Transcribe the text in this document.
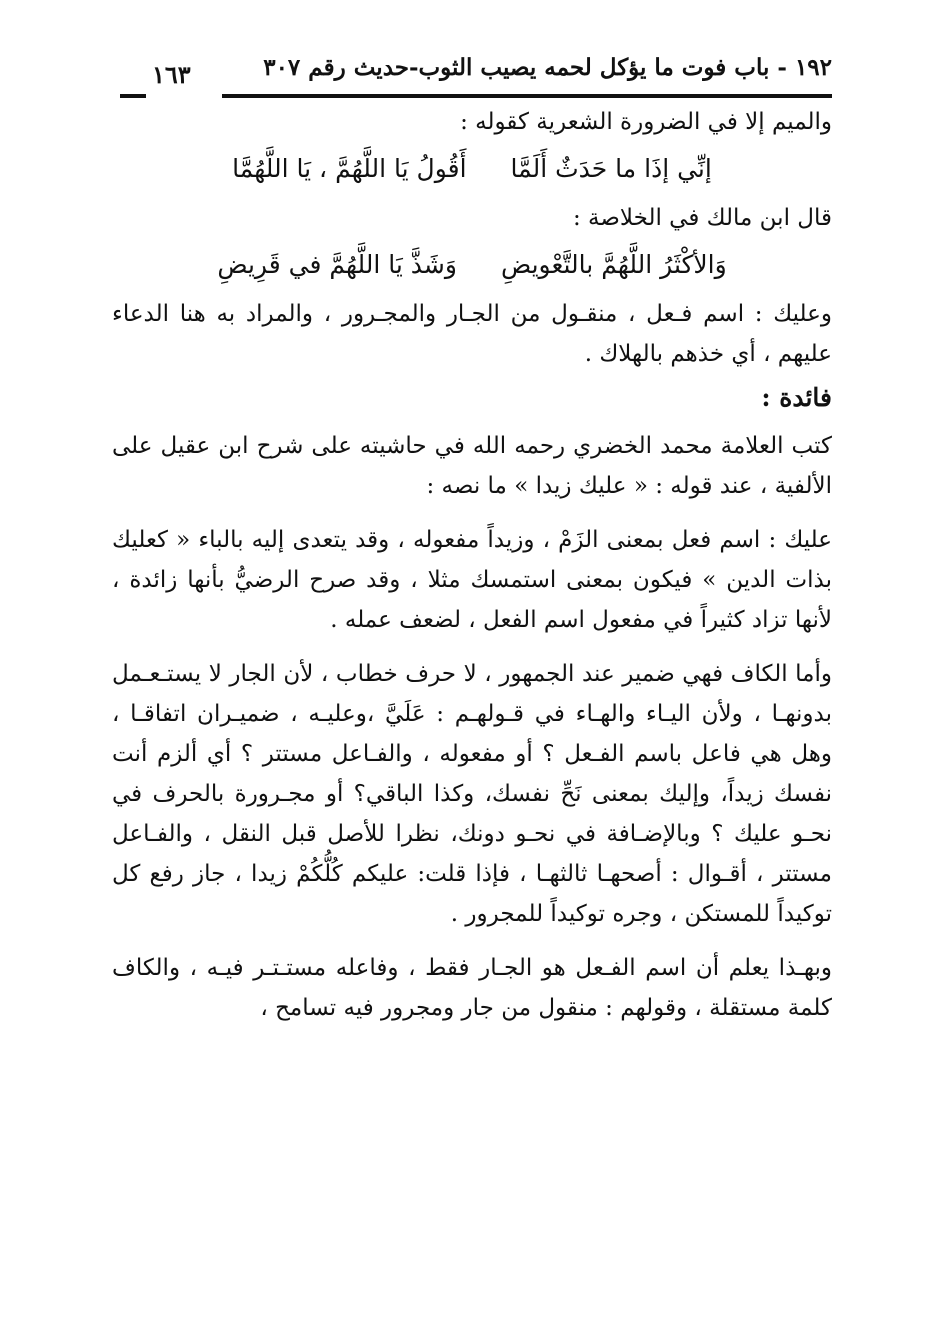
١٩٢ - باب فوت ما يؤكل لحمه يصيب الثوب-حديث رقم ٣٠٧
١٦٣

والميم إلا في الضرورة الشعرية كقوله :

إنِّي إذَا ما حَدَثٌ أَلَمَّا
أَقُولُ يَا اللَّهُمَّ ، يَا اللَّهُمَّا

قال ابن مالك في الخلاصة :

وَالأكْثَرُ اللَّهُمَّ بالتَّعْويضِ
وَشَذَّ يَا اللَّهُمَّ في قَرِيضِ

وعليك : اسم فـعل ، منقـول من الجـار والمجـرور ، والمراد به هنا الدعاء عليهم ، أي خذهم بالهلاك .

فائدة :

كتب العلامة محمد الخضري رحمه الله في حاشيته على شرح ابن عقيل على الألفية ، عند قوله : « عليك زيدا » ما نصه :

عليك : اسم فعل بمعنى الزَمْ ، وزيداً مفعوله ، وقد يتعدى إليه بالباء « كعليك بذات الدين » فيكون بمعنى استمسك مثلا ، وقد صرح الرضيُّ بأنها زائدة ، لأنها تزاد كثيراً في مفعول اسم الفعل ، لضعف عمله .

وأما الكاف فهي ضمير عند الجمهور ، لا حرف خطاب ، لأن الجار لا يستـعـمل بدونهـا ، ولأن اليـاء والهـاء في قـولهـم : عَلَيَّ ،وعليـه ، ضميـران اتفاقـا ، وهل هي فاعل باسم الفـعل ؟ أو مفعوله ، والفـاعل مستتر ؟ أي ألزم أنت نفسك زيداً، وإليك بمعنى نَحِّ نفسك، وكذا الباقي؟ أو مجـرورة بالحرف في نحـو عليك ؟ وبالإضـافة في نحـو دونك، نظرا للأصل قبل النقل ، والفـاعل مستتر ، أقـوال : أصحهـا ثالثهـا ، فإذا قلت: عليكم كُلُّكُمْ زيدا ، جاز رفع كل توكيداً للمستكن ، وجره توكيداً للمجرور .

وبهـذا يعلم أن اسم الفـعل هو الجـار فقط ، وفاعله مستـتـر فيـه ، والكاف كلمة مستقلة ، وقولهم : منقول من جار ومجرور فيه تسامح ،
